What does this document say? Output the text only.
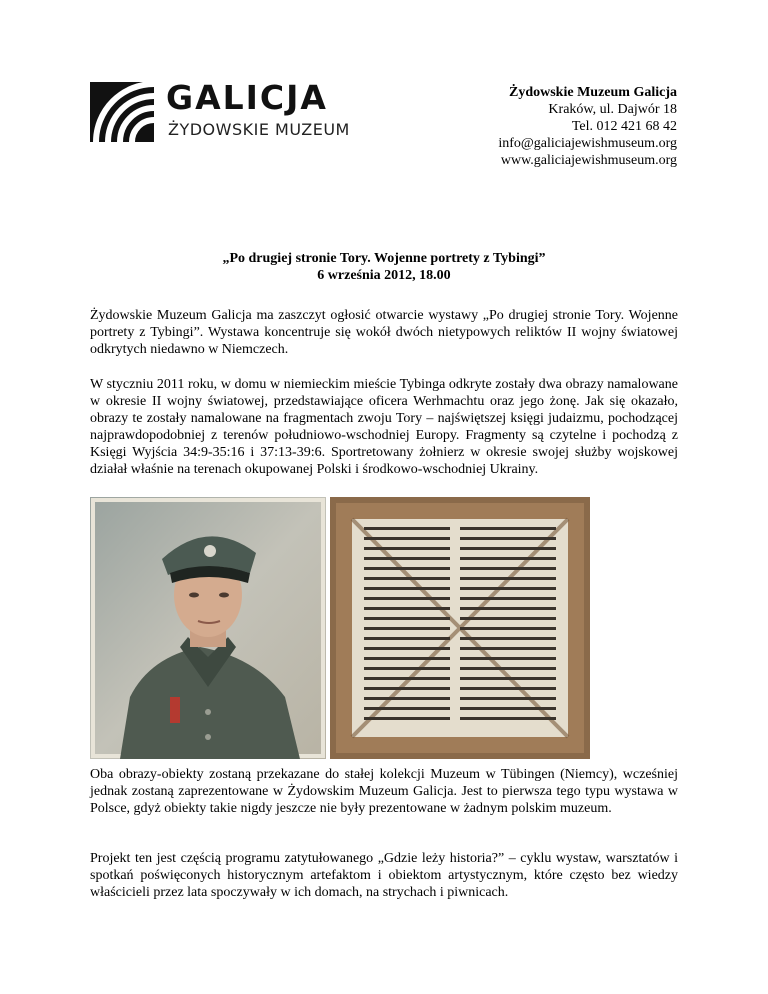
GALICJA
ŻYDOWSKIE MUZEUM
Żydowskie Muzeum Galicja
Kraków, ul. Dajwór 18
Tel. 012 421 68 42
info@galiciajewishmuseum.org
www.galiciajewishmuseum.org
„Po drugiej stronie Tory. Wojenne portrety z Tybingi”
6 września 2012, 18.00
Żydowskie Muzeum Galicja ma zaszczyt ogłosić otwarcie wystawy „Po drugiej stronie Tory. Wojenne portrety z Tybingi”. Wystawa koncentruje się wokół dwóch nietypowych reliktów II wojny światowej odkrytych niedawno w Niemczech.
W styczniu 2011 roku, w domu w niemieckim mieście Tybinga odkryte zostały dwa obrazy namalowane w okresie II wojny światowej, przedstawiające oficera Werhmachtu oraz jego żonę. Jak się okazało, obrazy te zostały namalowane na fragmentach zwoju Tory – najświętszej księgi judaizmu, pochodzącej najprawdopodobniej z terenów południowo-wschodniej Europy. Fragmenty są czytelne i pochodzą z Księgi Wyjścia 34:9-35:16 i 37:13-39:6. Sportretowany żołnierz w okresie swojej służby wojskowej działał właśnie na terenach okupowanej Polski i środkowo-wschodniej Ukrainy.
Oba obrazy-obiekty zostaną przekazane do stałej kolekcji Muzeum w Tübingen (Niemcy), wcześniej jednak zostaną zaprezentowane w Żydowskim Muzeum Galicja. Jest to pierwsza tego typu wystawa w Polsce, gdyż obiekty takie nigdy jeszcze nie były prezentowane w żadnym polskim muzeum.
Projekt ten jest częścią programu zatytułowanego „Gdzie leży historia?” – cyklu wystaw, warsztatów i spotkań poświęconych historycznym artefaktom i obiektom artystycznym, które często bez wiedzy właścicieli przez lata spoczywały w ich domach, na strychach i piwnicach.
